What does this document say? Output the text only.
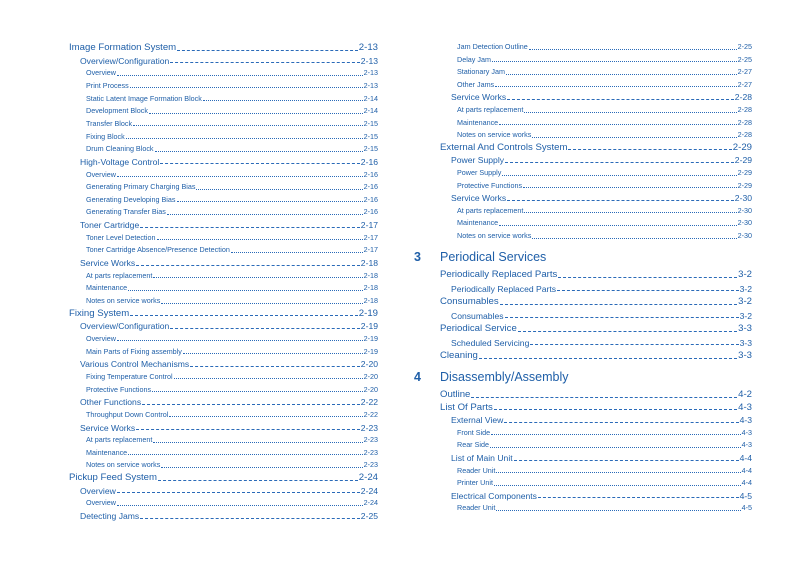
Image Formation System	2-13
Overview/Configuration	2-13
Overview	2-13
Print Process	2-13
Static Latent Image Formation Block	2-14
Development Block	2-14
Transfer Block	2-15
Fixing Block	2-15
Drum Cleaning Block	2-15
High-Voltage Control	2-16
Overview	2-16
Generating Primary Charging Bias	2-16
Generating Developing Bias	2-16
Generating Transfer Bias	2-16
Toner Cartridge	2-17
Toner Level Detection	2-17
Toner Cartridge Absence/Presence Detection	2-17
Service Works	2-18
At parts replacement	2-18
Maintenance	2-18
Notes on service works	2-18
Fixing System	2-19
Overview/Configuration	2-19
Overview	2-19
Main Parts of Fixing assembly	2-19
Various Control Mechanisms	2-20
Fixing Temperature Control	2-20
Protective Functions	2-20
Other Functions	2-22
Throughput Down Control	2-22
Service Works	2-23
At parts replacement	2-23
Maintenance	2-23
Notes on service works	2-23
Pickup Feed System	2-24
Overview	2-24
Overview	2-24
Detecting Jams	2-25
Jam Detection Outline	2-25
Delay Jam	2-25
Stationary Jam	2-27
Other Jams	2-27
Service Works	2-28
At parts replacement	2-28
Maintenance	2-28
Notes on service works	2-28
External And Controls System	2-29
Power Supply	2-29
Power Supply	2-29
Protective Functions	2-29
Service Works	2-30
At parts replacement	2-30
Maintenance	2-30
Notes on service works	2-30
Periodically Replaced Parts	3-2
Periodically Replaced Parts	3-2
Consumables	3-2
Consumables	3-2
Periodical Service	3-3
Scheduled Servicing	3-3
Cleaning	3-3
Outline	4-2
List Of Parts	4-3
External View	4-3
Front Side	4-3
Rear Side	4-3
List of Main Unit	4-4
Reader Unit	4-4
Printer Unit	4-4
Electrical Components	4-5
Reader Unit	4-5
3	Periodical Services
4	Disassembly/Assembly
